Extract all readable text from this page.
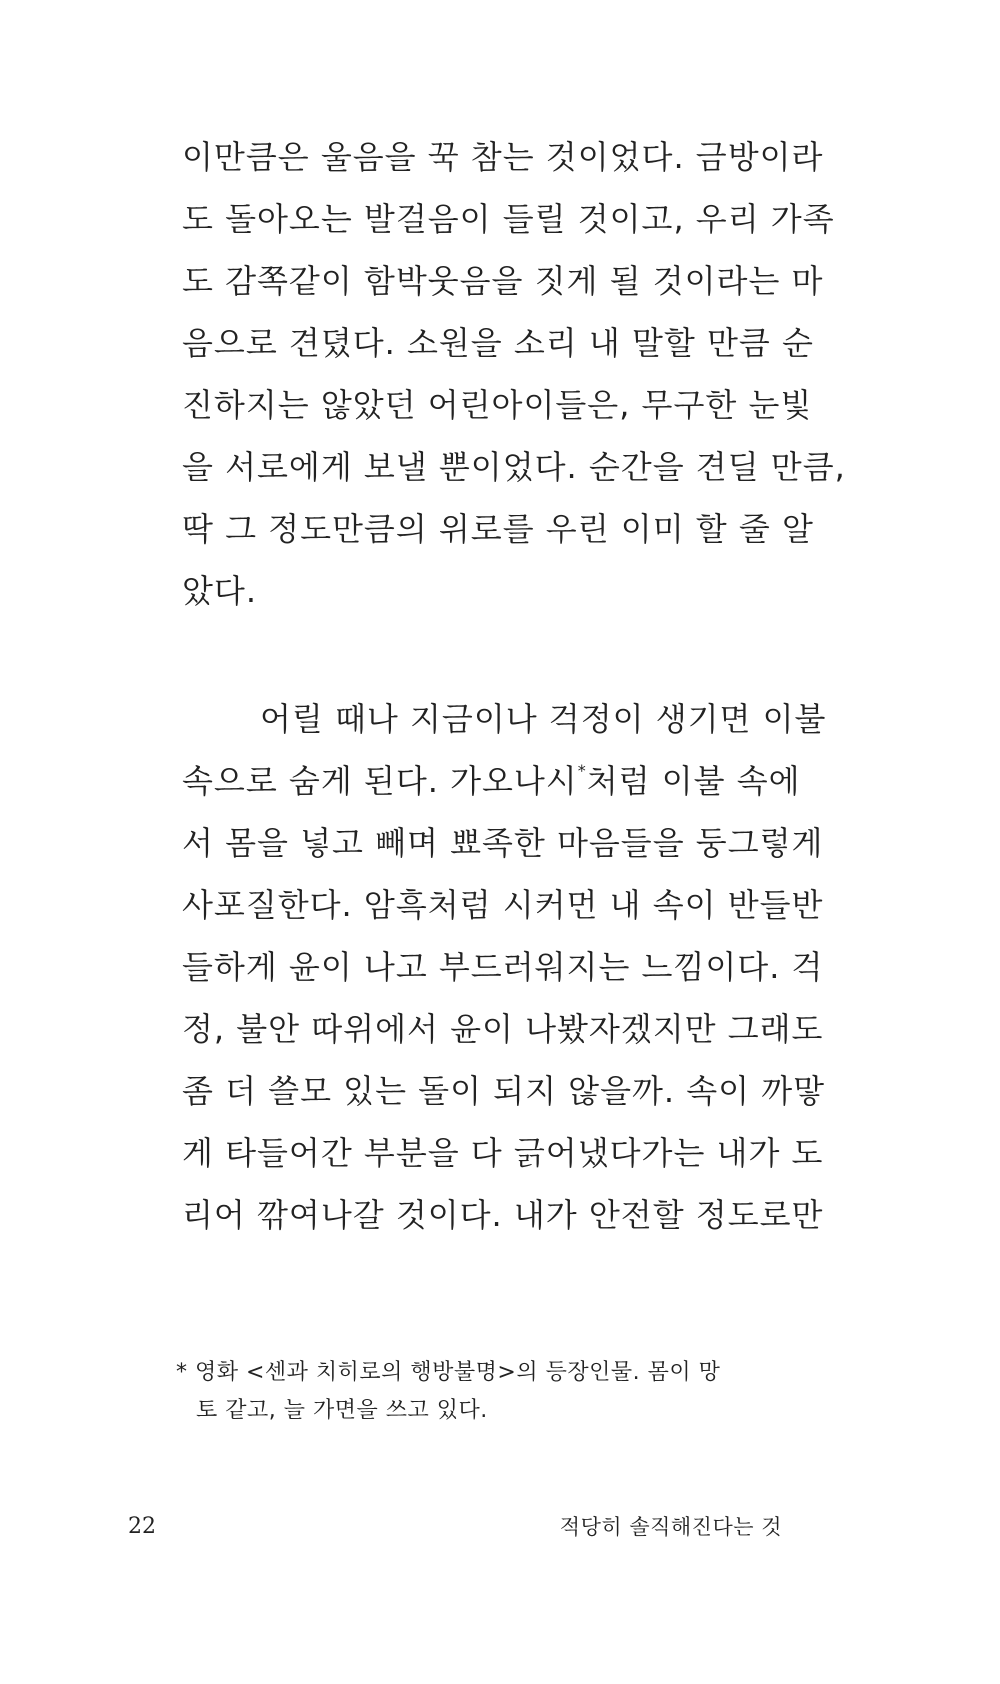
이만큼은 울음을 꾹 참는 것이었다. 금방이라
도 돌아오는 발걸음이 들릴 것이고, 우리 가족
도 감쪽같이 함박웃음을 짓게 될 것이라는 마
음으로 견뎠다. 소원을 소리 내 말할 만큼 순
진하지는 않았던 어린아이들은, 무구한 눈빛
을 서로에게 보낼 뿐이었다. 순간을 견딜 만큼,
딱 그 정도만큼의 위로를 우린 이미 할 줄 알
았다.
어릴 때나 지금이나 걱정이 생기면 이불
속으로 숨게 된다. 가오나시*처럼 이불 속에
서 몸을 넣고 빼며 뾰족한 마음들을 둥그렇게
사포질한다. 암흑처럼 시커먼 내 속이 반들반
들하게 윤이 나고 부드러워지는 느낌이다. 걱
정, 불안 따위에서 윤이 나봤자겠지만 그래도
좀 더 쓸모 있는 돌이 되지 않을까. 속이 까맣
게 타들어간 부분을 다 긁어냈다가는 내가 도
리어 깎여나갈 것이다. 내가 안전할 정도로만
* 영화 <센과 치히로의 행방불명>의 등장인물. 몸이 망
토 같고, 늘 가면을 쓰고 있다.
22	적당히 솔직해진다는 것
